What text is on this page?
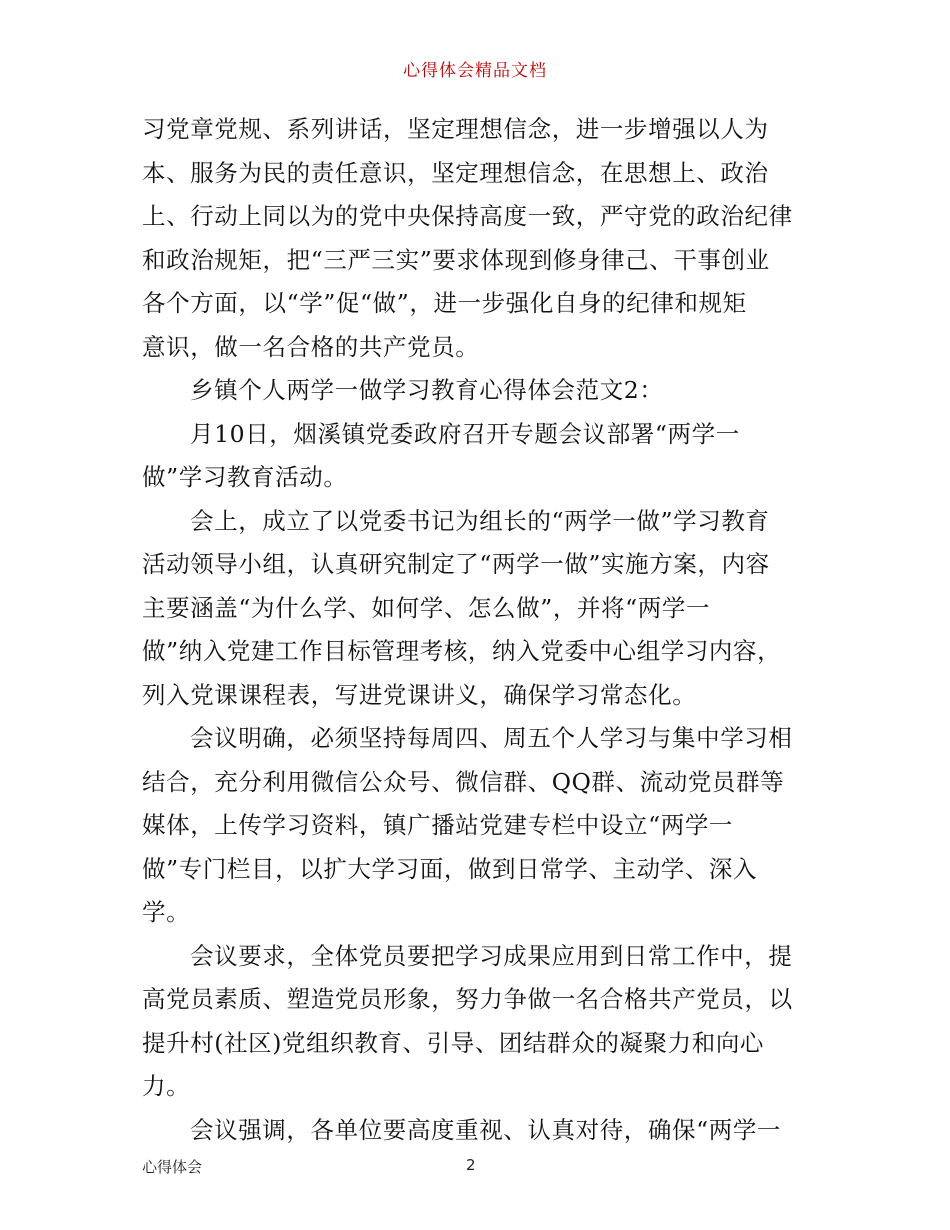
心得体会精品文档
习党章党规、系列讲话，坚定理想信念，进一步增强以人为
本、服务为民的责任意识，坚定理想信念，在思想上、政治
上、行动上同以为的党中央保持高度一致，严守党的政治纪律
和政治规矩，把“三严三实”要求体现到修身律己、干事创业
各个方面，以“学”促“做”，进一步强化自身的纪律和规矩
意识，做一名合格的共产党员。
乡镇个人两学一做学习教育心得体会范文2：
月10日，烟溪镇党委政府召开专题会议部署“两学一
做”学习教育活动。
会上，成立了以党委书记为组长的“两学一做”学习教育
活动领导小组，认真研究制定了“两学一做”实施方案，内容
主要涵盖“为什么学、如何学、怎么做”，并将“两学一
做”纳入党建工作目标管理考核，纳入党委中心组学习内容，
列入党课课程表，写进党课讲义，确保学习常态化。
会议明确，必须坚持每周四、周五个人学习与集中学习相
结合，充分利用微信公众号、微信群、QQ群、流动党员群等
媒体，上传学习资料，镇广播站党建专栏中设立“两学一
做”专门栏目，以扩大学习面，做到日常学、主动学、深入
学。
会议要求，全体党员要把学习成果应用到日常工作中，提
高党员素质、塑造党员形象，努力争做一名合格共产党员，以
提升村(社区)党组织教育、引导、团结群众的凝聚力和向心
力。
会议强调，各单位要高度重视、认真对待，确保“两学一
心得体会	2
